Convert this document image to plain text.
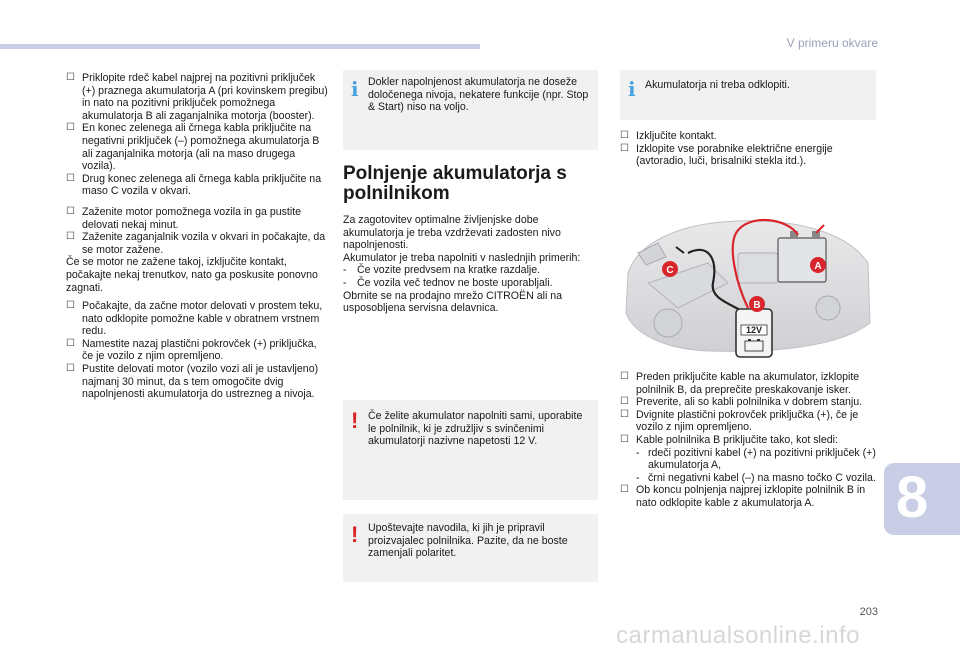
V primeru okvare
☐ Priklopite rdeč kabel najprej na pozitivni priključek (+) praznega akumulatorja A (pri kovinskem pregibu) in nato na pozitivni priključek pomožnega akumulatorja B ali zaganjalnika motorja (booster).
☐ En konec zelenega ali črnega kabla priključite na negativni priključek (–) pomožnega akumulatorja B ali zaganjalnika motorja (ali na maso drugega vozila).
☐ Drug konec zelenega ali črnega kabla priključite na maso C vozila v okvari.
☐ Zaženite motor pomožnega vozila in ga pustite delovati nekaj minut.
☐ Zaženite zaganjalnik vozila v okvari in počakajte, da se motor zažene.
Če se motor ne zažene takoj, izključite kontakt, počakajte nekaj trenutkov, nato ga poskusite ponovno zagnati.
☐ Počakajte, da začne motor delovati v prostem teku, nato odklopite pomožne kable v obratnem vrstnem redu.
☐ Namestite nazaj plastični pokrovček (+) priključka, če je vozilo z njim opremljeno.
☐ Pustite delovati motor (vozilo vozi ali je ustavljeno) najmanj 30 minut, da s tem omogočite dvig napolnjenosti akumulatorja do ustrezneg a nivoja.
i Dokler napolnjenost akumulatorja ne doseže določenega nivoja, nekatere funkcije (npr. Stop & Start) niso na voljo.
Polnjenje akumulatorja s polnilnikom
Za zagotovitev optimalne življenjske dobe akumulatorja je treba vzdrževati zadosten nivo napolnjenosti.
Akumulator je treba napolniti v naslednjih primerih:
- Če vozite predvsem na kratke razdalje.
- Če vozila več tednov ne boste uporabljali.
Obrnite se na prodajno mrežo CITROËN ali na usposobljena servisna delavnica.
! Če želite akumulator napolniti sami, uporabite le polnilnik, ki je združljiv s svinčenimi akumulatorji nazivne napetosti 12 V.
! Upoštevajte navodila, ki jih je pripravil proizvajalec polnilnika. Pazite, da ne boste zamenjali polaritet.
i Akumulatorja ni treba odklopiti.
☐ Izključite kontakt.
☐ Izklopite vse porabnike električne energije (avtoradio, luči, brisalniki stekla itd.).
12V
A
B
C
☐ Preden priključite kable na akumulator, izklopite polnilnik B, da preprečite preskakovanje isker.
☐ Preverite, ali so kabli polnilnika v dobrem stanju.
☐ Dvignite plastični pokrovček priključka (+), če je vozilo z njim opremljeno.
☐ Kable polnilnika B priključite tako, kot sledi:
- rdeči pozitivni kabel (+) na pozitivni priključek (+) akumulatorja A,
- črni negativni kabel (–) na masno točko C vozila.
☐ Ob koncu polnjenja najprej izklopite polnilnik B in nato odklopite kable z akumulatorja A.	8
203
carmanualsonline.info
